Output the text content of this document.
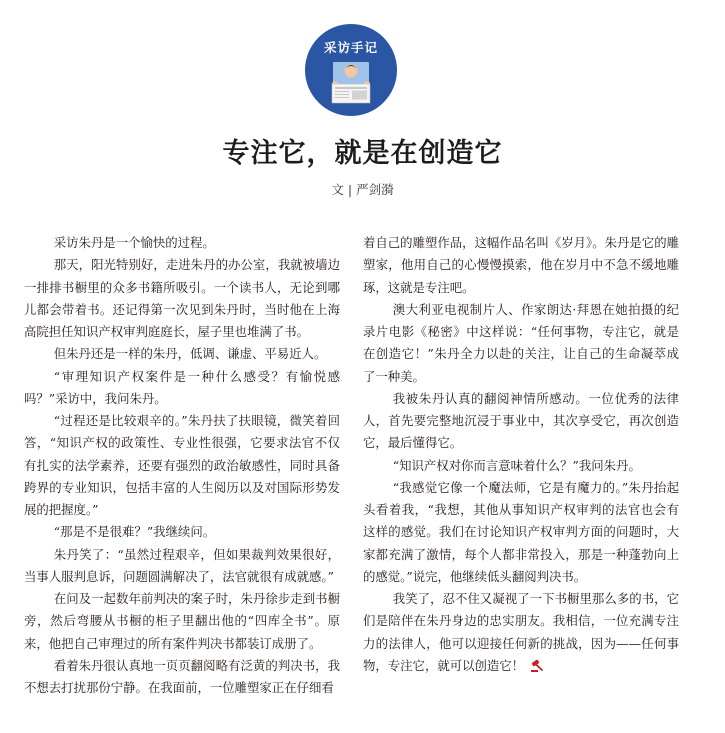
采访手记
专注它，就是在创造它
文 | 严剑漪

采访朱丹是一个愉快的过程。

那天，阳光特别好，走进朱丹的办公室，我就被墙边一排排书橱里的众多书籍所吸引。一个读书人，无论到哪儿都会带着书。还记得第一次见到朱丹时，当时他在上海高院担任知识产权审判庭庭长，屋子里也堆满了书。

但朱丹还是一样的朱丹，低调、谦虚、平易近人。

“审理知识产权案件是一种什么感受？有愉悦感吗？”采访中，我问朱丹。

“过程还是比较艰辛的。”朱丹扶了扶眼镜，微笑着回答，“知识产权的政策性、专业性很强，它要求法官不仅有扎实的法学素养，还要有强烈的政治敏感性，同时具备跨界的专业知识，包括丰富的人生阅历以及对国际形势发展的把握度。”

“那是不是很难？”我继续问。

朱丹笑了：“虽然过程艰辛，但如果裁判效果很好，当事人服判息诉，问题圆满解决了，法官就很有成就感。”

在问及一起数年前判决的案子时，朱丹徐步走到书橱旁，然后弯腰从书橱的柜子里翻出他的“四库全书”。原来，他把自己审理过的所有案件判决书都装订成册了。

看着朱丹很认真地一页页翻阅略有泛黄的判决书，我不想去打扰那份宁静。在我面前，一位雕塑家正在仔细看

着自己的雕塑作品，这幅作品名叫《岁月》。朱丹是它的雕塑家，他用自己的心慢慢摸索，他在岁月中不急不缓地雕琢，这就是专注吧。

澳大利亚电视制片人、作家朗达·拜恩在她拍摄的纪录片电影《秘密》中这样说：“任何事物，专注它，就是在创造它！”朱丹全力以赴的关注，让自己的生命凝萃成了一种美。

我被朱丹认真的翻阅神情所感动。一位优秀的法律人，首先要完整地沉浸于事业中，其次享受它，再次创造它，最后懂得它。

“知识产权对你而言意味着什么？”我问朱丹。

“我感觉它像一个魔法师，它是有魔力的。”朱丹抬起头看着我，“我想，其他从事知识产权审判的法官也会有这样的感觉。我们在讨论知识产权审判方面的问题时，大家都充满了激情，每个人都非常投入，那是一种蓬勃向上的感觉。”说完，他继续低头翻阅判决书。

我笑了，忍不住又凝视了一下书橱里那么多的书，它们是陪伴在朱丹身边的忠实朋友。我相信，一位充满专注力的法律人，他可以迎接任何新的挑战，因为——任何事物，专注它，就可以创造它！
